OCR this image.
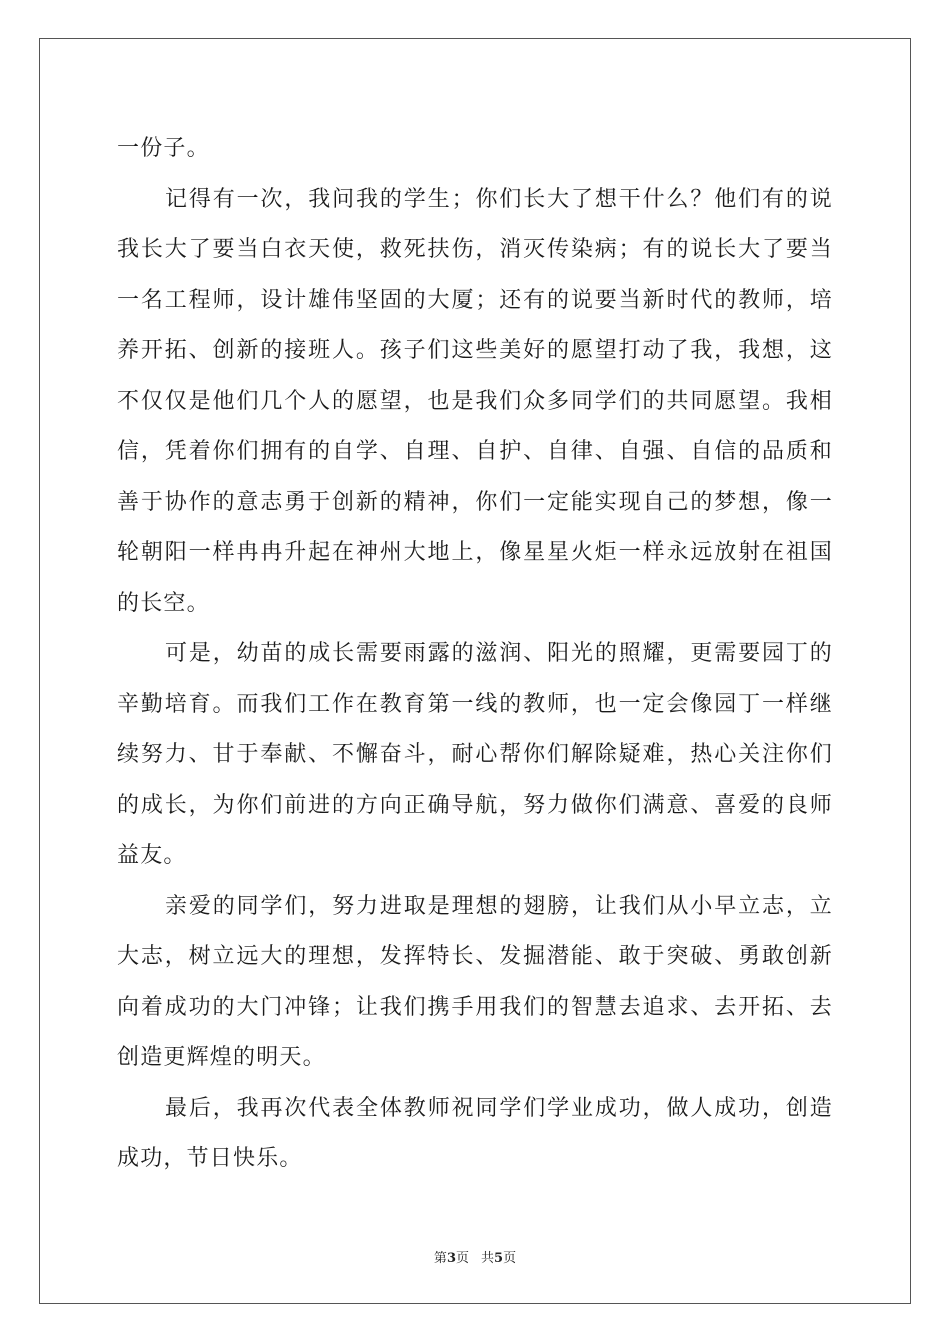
一份子。

记得有一次，我问我的学生；你们长大了想干什么？他们有的说我长大了要当白衣天使，救死扶伤，消灭传染病；有的说长大了要当一名工程师，设计雄伟坚固的大厦；还有的说要当新时代的教师，培养开拓、创新的接班人。孩子们这些美好的愿望打动了我，我想，这不仅仅是他们几个人的愿望，也是我们众多同学们的共同愿望。我相信，凭着你们拥有的自学、自理、自护、自律、自强、自信的品质和善于协作的意志勇于创新的精神，你们一定能实现自己的梦想，像一轮朝阳一样冉冉升起在神州大地上，像星星火炬一样永远放射在祖国的长空。

可是，幼苗的成长需要雨露的滋润、阳光的照耀，更需要园丁的辛勤培育。而我们工作在教育第一线的教师，也一定会像园丁一样继续努力、甘于奉献、不懈奋斗，耐心帮你们解除疑难，热心关注你们的成长，为你们前进的方向正确导航，努力做你们满意、喜爱的良师益友。

亲爱的同学们，努力进取是理想的翅膀，让我们从小早立志，立大志，树立远大的理想，发挥特长、发掘潜能、敢于突破、勇敢创新向着成功的大门冲锋；让我们携手用我们的智慧去追求、去开拓、去创造更辉煌的明天。

最后，我再次代表全体教师祝同学们学业成功，做人成功，创造成功，节日快乐。

第3页 共5页
